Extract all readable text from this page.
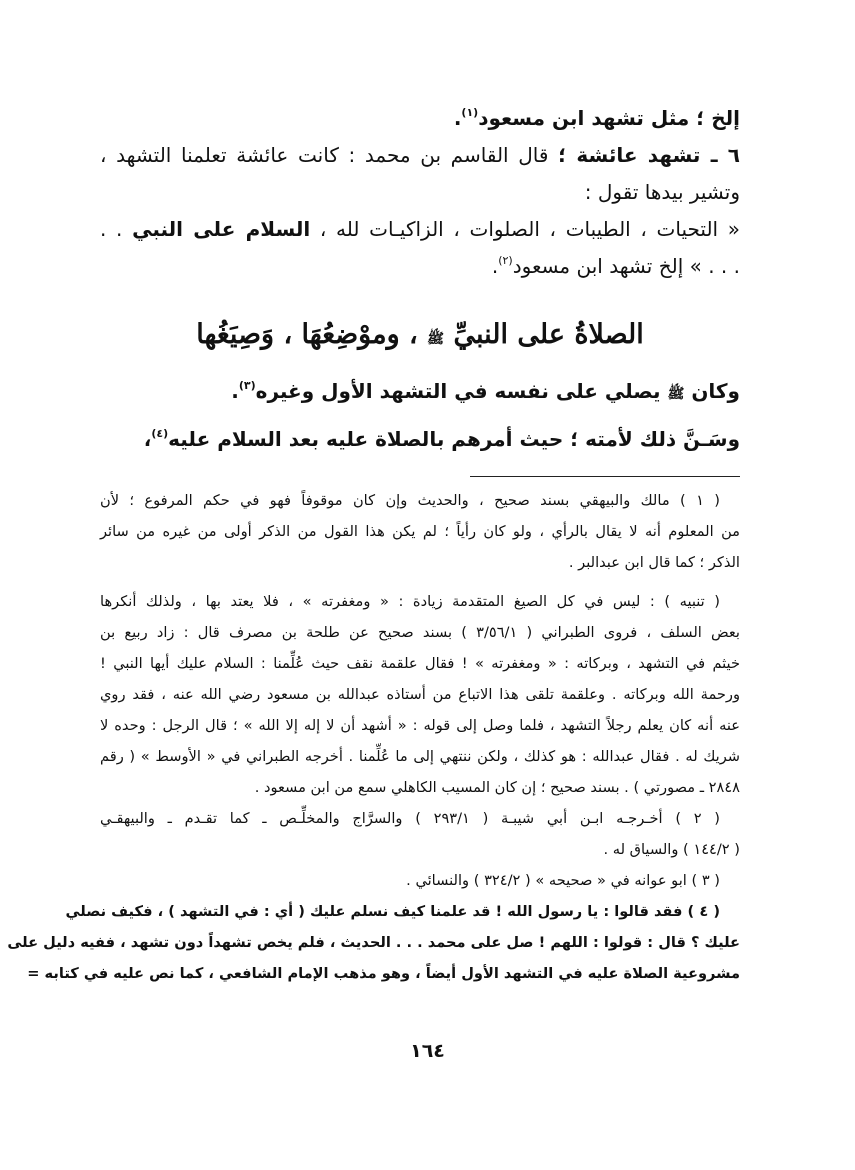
إلخ ؛ مثل تشهد ابن مسعود$^{(١)}$.
٦ ـ تشهد عائشة ؛ قال القاسم بن محمد : كانت عائشة تعلمنا التشهد ،
وتشير بيدها تقول :
« التحيات ، الطيبات ، الصلوات ، الزاكيـات لله ، السلام على النبي . .
. . . » إلخ تشهد ابن مسعود$^{(٢)}$.
الصلاةُ على النبيِّ ﷺ ، وموْضِعُهَا ، وَصِيَغُها
وكان ﷺ يصلي على نفسه في التشهد الأول وغيره$^{(٣)}$.
وسَـنَّ ذلك لأمته ؛ حيث أمرهم بالصلاة عليه بعد السلام عليه$^{(٤)}$،
( ١ ) مالك والبيهقي بسند صحيح ، والحديث وإن كان موقوفاً فهو في حكم المرفوع ؛ لأن
من المعلوم أنه لا يقال بالرأي ، ولو كان رأياً ؛ لم يكن هذا القول من الذكر أولى من غيره من سائر
الذكر ؛ كما قال ابن عبدالبر .
( تنبيه ) : ليس في كل الصيغ المتقدمة زيادة : « ومغفرته » ، فلا يعتد بها ، ولذلك أنكرها
بعض السلف ، فروى الطبراني ( ٣/٥٦/١ ) بسند صحيح عن طلحة بن مصرف قال : زاد ربيع بن
خيثم في التشهد ، وبركاته : « ومغفرته » ! فقال علقمة نقف حيث عُلِّمنا : السلام عليك أيها النبي !
ورحمة الله وبركاته . وعلقمة تلقى هذا الاتباع من أستاذه عبدالله بن مسعود رضي الله عنه ، فقد روي
عنه أنه كان يعلم رجلاً التشهد ، فلما وصل إلى قوله : « أشهد أن لا إله إلا الله » ؛ قال الرجل : وحده لا
شريك له . فقال عبدالله : هو كذلك ، ولكن ننتهي إلى ما عُلِّمنا . أخرجه الطبراني في « الأوسط » ( رقم
٢٨٤٨ ـ مصورتي ) . بسند صحيح ؛ إن كان المسيب الكاهلي سمع من ابن مسعود .
( ٢ ) أخـرجـه ابـن أبي شيبـة ( ٢٩٣/١ ) والسرَّاج والمخلِّـص ـ كما تقـدم ـ والبيهقـي
( ١٤٤/٢ ) والسياق له .
( ٣ ) ابو عوانه في « صحيحه » ( ٣٢٤/٢ ) والنسائي .
( ٤ ) فقد قالوا : يا رسول الله ! قد علمنا كيف نسلم عليك ( أي : في التشهد ) ، فكيف نصلي
عليك ؟ قال : قولوا : اللهم ! صل على محمد . . . الحديث ، فلم يخص تشهداً دون تشهد ، ففيه دليل على
مشروعية الصلاة عليه في التشهد الأول أيضاً ، وهو مذهب الإمام الشافعي ، كما نص عليه في كتابه =
١٦٤
